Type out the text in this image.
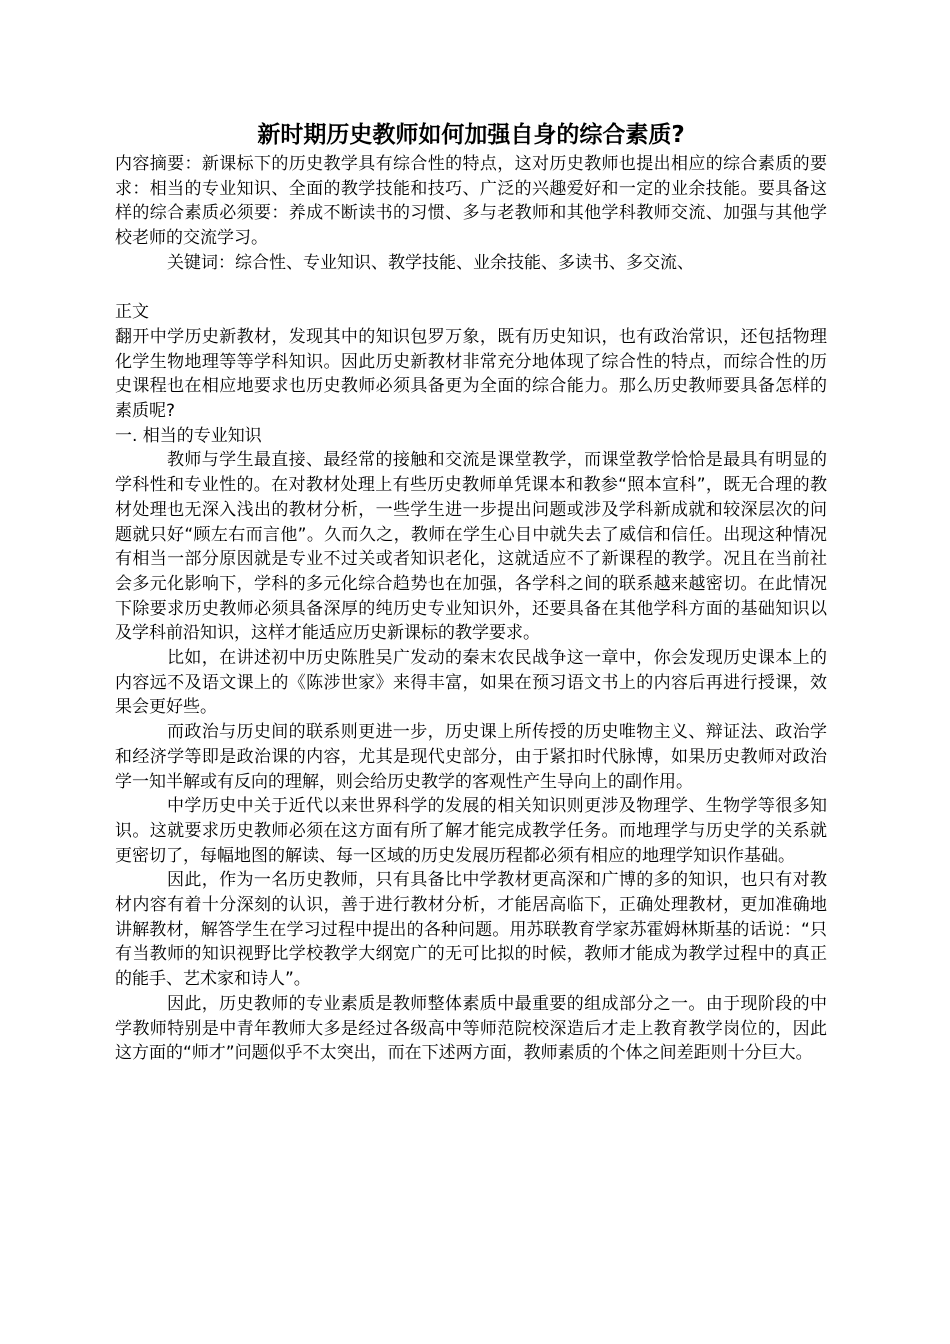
新时期历史教师如何加强自身的综合素质?

内容摘要：新课标下的历史教学具有综合性的特点，这对历史教师也提出相应的综合素质的要求：相当的专业知识、全面的教学技能和技巧、广泛的兴趣爱好和一定的业余技能。要具备这样的综合素质必须要：养成不断读书的习惯、多与老教师和其他学科教师交流、加强与其他学校老师的交流学习。

关键词：综合性、专业知识、教学技能、业余技能、多读书、多交流、

正文

翻开中学历史新教材，发现其中的知识包罗万象，既有历史知识，也有政治常识，还包括物理化学生物地理等等学科知识。因此历史新教材非常充分地体现了综合性的特点，而综合性的历史课程也在相应地要求也历史教师必须具备更为全面的综合能力。那么历史教师要具备怎样的素质呢?

一. 相当的专业知识

教师与学生最直接、最经常的接触和交流是课堂教学，而课堂教学恰恰是最具有明显的学科性和专业性的。在对教材处理上有些历史教师单凭课本和教参“照本宣科”，既无合理的教材处理也无深入浅出的教材分析，一些学生进一步提出问题或涉及学科新成就和较深层次的问题就只好“顾左右而言他”。久而久之，教师在学生心目中就失去了威信和信任。出现这种情况有相当一部分原因就是专业不过关或者知识老化，这就适应不了新课程的教学。况且在当前社会多元化影响下，学科的多元化综合趋势也在加强，各学科之间的联系越来越密切。在此情况下除要求历史教师必须具备深厚的纯历史专业知识外，还要具备在其他学科方面的基础知识以及学科前沿知识，这样才能适应历史新课标的教学要求。

比如，在讲述初中历史陈胜吴广发动的秦末农民战争这一章中，你会发现历史课本上的内容远不及语文课上的《陈涉世家》来得丰富，如果在预习语文书上的内容后再进行授课，效果会更好些。

而政治与历史间的联系则更进一步，历史课上所传授的历史唯物主义、辩证法、政治学和经济学等即是政治课的内容，尤其是现代史部分，由于紧扣时代脉博，如果历史教师对政治学一知半解或有反向的理解，则会给历史教学的客观性产生导向上的副作用。

中学历史中关于近代以来世界科学的发展的相关知识则更涉及物理学、生物学等很多知识。这就要求历史教师必须在这方面有所了解才能完成教学任务。而地理学与历史学的关系就更密切了，每幅地图的解读、每一区域的历史发展历程都必须有相应的地理学知识作基础。

因此，作为一名历史教师，只有具备比中学教材更高深和广博的多的知识，也只有对教材内容有着十分深刻的认识，善于进行教材分析，才能居高临下，正确处理教材，更加准确地讲解教材，解答学生在学习过程中提出的各种问题。用苏联教育学家苏霍姆林斯基的话说：“只有当教师的知识视野比学校教学大纲宽广的无可比拟的时候，教师才能成为教学过程中的真正的能手、艺术家和诗人”。

因此，历史教师的专业素质是教师整体素质中最重要的组成部分之一。由于现阶段的中学教师特别是中青年教师大多是经过各级高中等师范院校深造后才走上教育教学岗位的，因此这方面的“师才”问题似乎不太突出，而在下述两方面，教师素质的个体之间差距则十分巨大。
